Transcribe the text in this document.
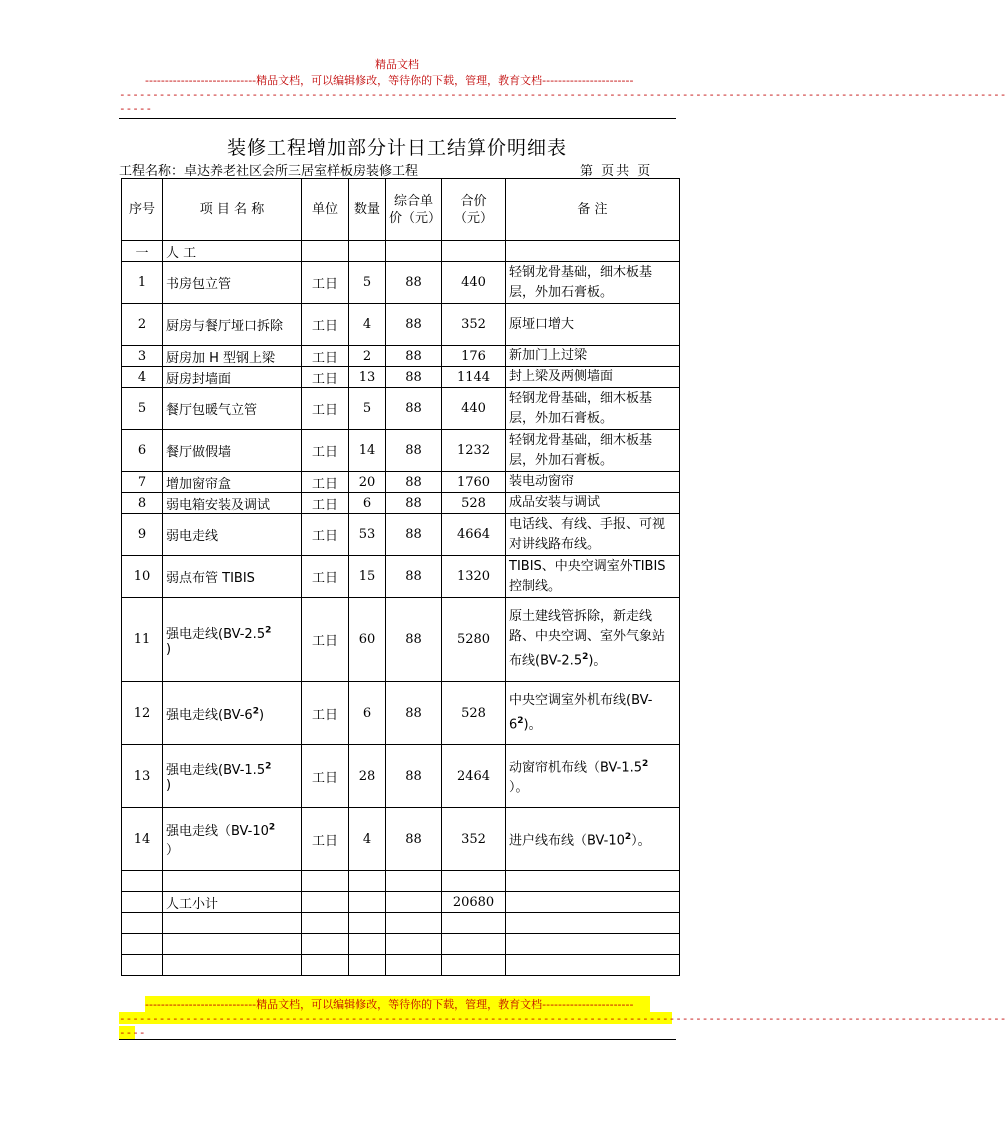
精品文档
----------------------------精品文档，可以编辑修改，等待你的下载，管理，教育文档-----------------------
--------------------------------------------------------------------------------------------------------------------------------------
-----
装修工程增加部分计日工结算价明细表
工程名称：卓达养老社区会所三居室样板房装修工程	第 页共 页
序号	项 目 名 称	单位	数量	综合单价（元）	合价（元）	备 注
一	人 工					
1	书房包立管	工日	5	88	440	轻钢龙骨基础，细木板基层，外加石膏板。
2	厨房与餐厅垭口拆除	工日	4	88	352	原垭口增大
3	厨房加 H 型钢上梁	工日	2	88	176	新加门上过梁
4	厨房封墙面	工日	13	88	1144	封上梁及两侧墙面
5	餐厅包暖气立管	工日	5	88	440	轻钢龙骨基础，细木板基层，外加石膏板。
6	餐厅做假墙	工日	14	88	1232	轻钢龙骨基础，细木板基层，外加石膏板。
7	增加窗帘盒	工日	20	88	1760	装电动窗帘
8	弱电箱安装及调试	工日	6	88	528	成品安装与调试
9	弱电走线	工日	53	88	4664	电话线、有线、手报、可视对讲线路布线。
10	弱点布管 TIBIS	工日	15	88	1320	TIBIS、中央空调室外TIBIS 控制线。
11	强电走线($BV-2.5^2$
)	工日	60	88	5280	原土建线管拆除，新走线路、中央空调、室外气象站布线$(BV-2.5^2)$。
12	强电走线$(BV-6^2)$	工日	6	88	528	中央空调室外机布线$(BV-6^2)$。
13	强电走线($BV-1.5^2$
)	工日	28	88	2464	动窗帘机布线（$BV-1.5^2$
）。
14	强电走线（$BV-10^2$
）	工日	4	88	352	进户线布线$(BV-10^2)$。

	人工小计				20680	

----------------------------精品文档，可以编辑修改，等待你的下载，管理，教育文档-----------------------
--------------------------------------------------------------------------------------------------------------------------------------
----
